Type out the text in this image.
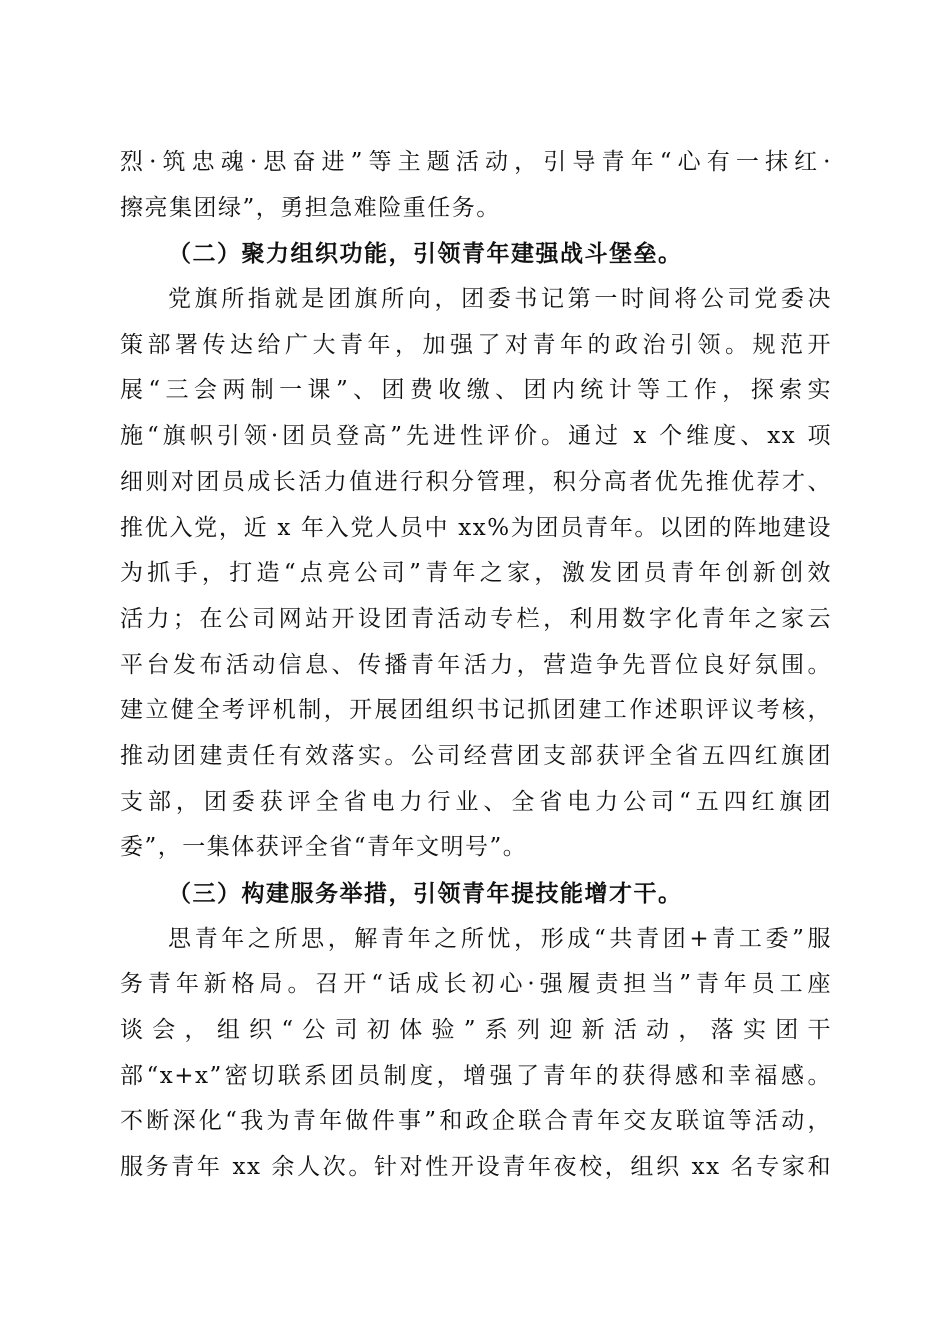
烈·筑忠魂·思奋进”等主题活动，引导青年“心有一抹红·
擦亮集团绿”，勇担急难险重任务。
（二）聚力组织功能，引领青年建强战斗堡垒。
党旗所指就是团旗所向，团委书记第一时间将公司党委决
策部署传达给广大青年，加强了对青年的政治引领。规范开
展“三会两制一课”、团费收缴、团内统计等工作，探索实
施“旗帜引领·团员登高”先进性评价。通过 x 个维度、xx 项
细则对团员成长活力值进行积分管理，积分高者优先推优荐才、
推优入党，近 x 年入党人员中 xx%为团员青年。以团的阵地建设
为抓手，打造“点亮公司”青年之家，激发团员青年创新创效
活力；在公司网站开设团青活动专栏，利用数字化青年之家云
平台发布活动信息、传播青年活力，营造争先晋位良好氛围。
建立健全考评机制，开展团组织书记抓团建工作述职评议考核，
推动团建责任有效落实。公司经营团支部获评全省五四红旗团
支部，团委获评全省电力行业、全省电力公司“五四红旗团
委”，一集体获评全省“青年文明号”。
（三）构建服务举措，引领青年提技能增才干。
思青年之所思，解青年之所忧，形成“共青团+青工委”服
务青年新格局。召开“话成长初心·强履责担当”青年员工座
谈会，组织“公司初体验”系列迎新活动，落实团干
部“x+x”密切联系团员制度，增强了青年的获得感和幸福感。
不断深化“我为青年做件事”和政企联合青年交友联谊等活动，
服务青年 xx 余人次。针对性开设青年夜校，组织 xx 名专家和
